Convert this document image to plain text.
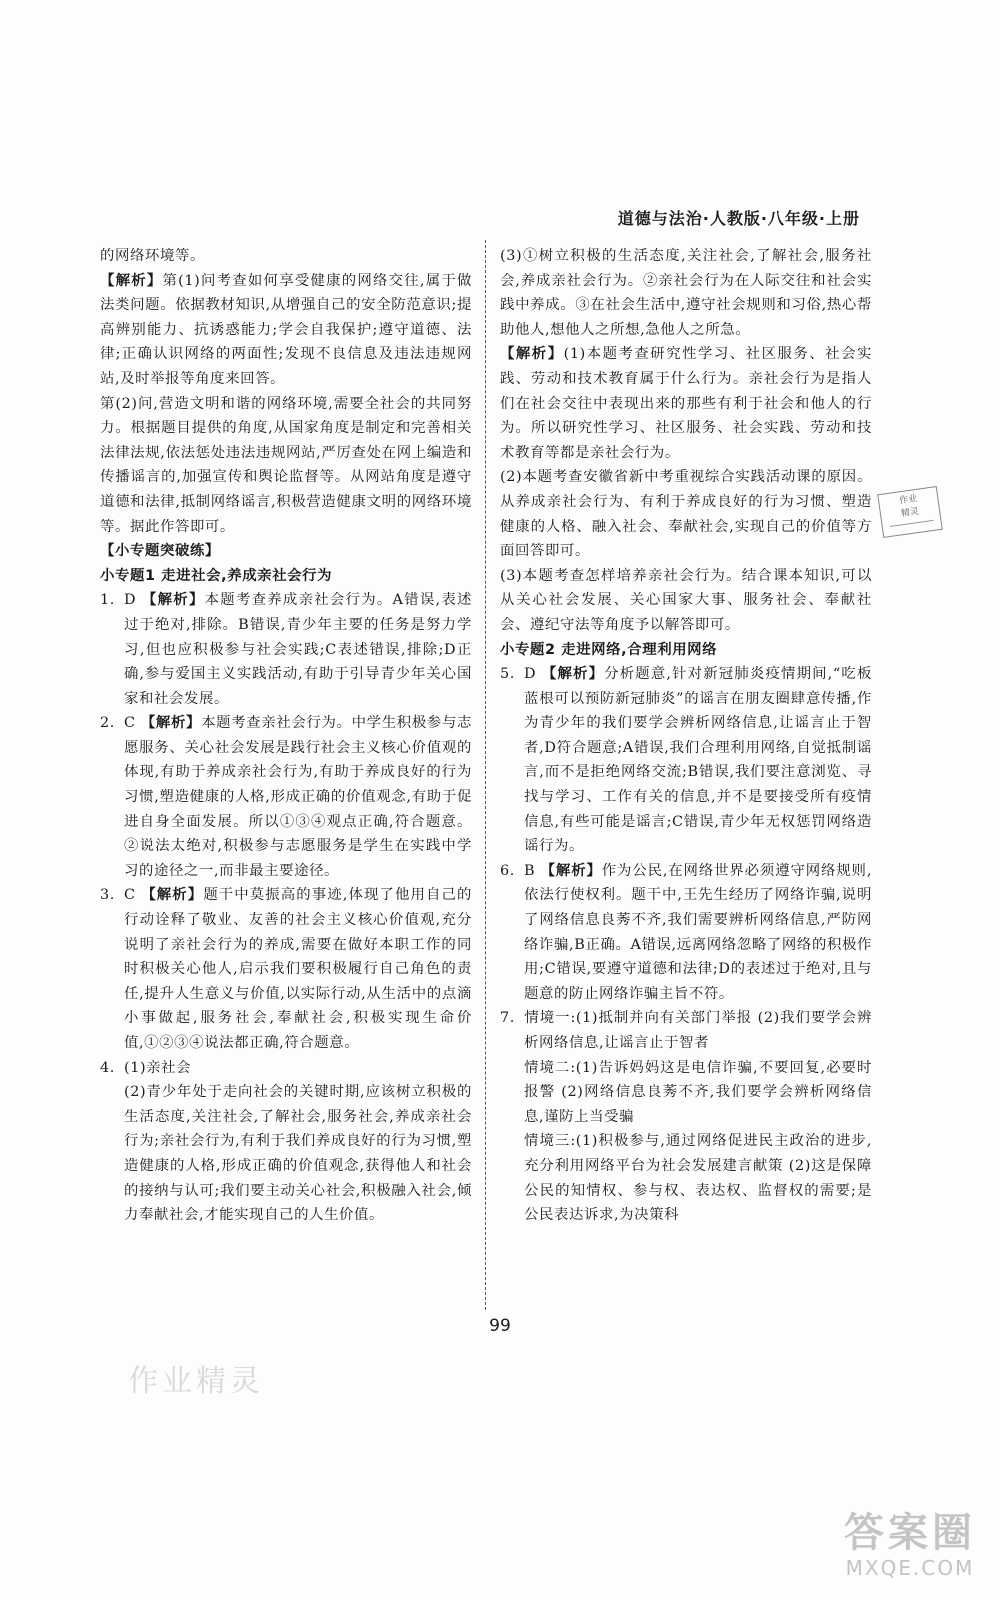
道德与法治·人教版·八年级·上册

的网络环境等。

【解析】第(1)问考查如何享受健康的网络交往,属于做法类问题。依据教材知识,从增强自己的安全防范意识;提高辨别能力、抗诱惑能力;学会自我保护;遵守道德、法律;正确认识网络的两面性;发现不良信息及违法违规网站,及时举报等角度来回答。

第(2)问,营造文明和谐的网络环境,需要全社会的共同努力。根据题目提供的角度,从国家角度是制定和完善相关法律法规,依法惩处违法违规网站,严厉查处在网上编造和传播谣言的,加强宣传和舆论监督等。从网站角度是遵守道德和法律,抵制网络谣言,积极营造健康文明的网络环境等。据此作答即可。

【小专题突破练】

小专题1 走进社会,养成亲社会行为

1. D 【解析】本题考查养成亲社会行为。A错误,表述过于绝对,排除。B错误,青少年主要的任务是努力学习,但也应积极参与社会实践;C表述错误,排除;D正确,参与爱国主义实践活动,有助于引导青少年关心国家和社会发展。

2. C 【解析】本题考查亲社会行为。中学生积极参与志愿服务、关心社会发展是践行社会主义核心价值观的体现,有助于养成亲社会行为,有助于养成良好的行为习惯,塑造健康的人格,形成正确的价值观念,有助于促进自身全面发展。所以①③④观点正确,符合题意。②说法太绝对,积极参与志愿服务是学生在实践中学习的途径之一,而非最主要途径。

3. C 【解析】题干中莫振高的事迹,体现了他用自己的行动诠释了敬业、友善的社会主义核心价值观,充分说明了亲社会行为的养成,需要在做好本职工作的同时积极关心他人,启示我们要积极履行自己角色的责任,提升人生意义与价值,以实际行动,从生活中的点滴小事做起,服务社会,奉献社会,积极实现生命价值,①②③④说法都正确,符合题意。

4. (1)亲社会

(2)青少年处于走向社会的关键时期,应该树立积极的生活态度,关注社会,了解社会,服务社会,养成亲社会行为;亲社会行为,有利于我们养成良好的行为习惯,塑造健康的人格,形成正确的价值观念,获得他人和社会的接纳与认可;我们要主动关心社会,积极融入社会,倾力奉献社会,才能实现自己的人生价值。

(3)①树立积极的生活态度,关注社会,了解社会,服务社会,养成亲社会行为。②亲社会行为在人际交往和社会实践中养成。③在社会生活中,遵守社会规则和习俗,热心帮助他人,想他人之所想,急他人之所急。

【解析】(1)本题考查研究性学习、社区服务、社会实践、劳动和技术教育属于什么行为。亲社会行为是指人们在社会交往中表现出来的那些有利于社会和他人的行为。所以研究性学习、社区服务、社会实践、劳动和技术教育等都是亲社会行为。

(2)本题考查安徽省新中考重视综合实践活动课的原因。从养成亲社会行为、有利于养成良好的行为习惯、塑造健康的人格、融入社会、奉献社会,实现自己的价值等方面回答即可。

(3)本题考查怎样培养亲社会行为。结合课本知识,可以从关心社会发展、关心国家大事、服务社会、奉献社会、遵纪守法等角度予以解答即可。

小专题2 走进网络,合理利用网络

5. D 【解析】分析题意,针对新冠肺炎疫情期间,“吃板蓝根可以预防新冠肺炎”的谣言在朋友圈肆意传播,作为青少年的我们要学会辨析网络信息,让谣言止于智者,D符合题意;A错误,我们合理利用网络,自觉抵制谣言,而不是拒绝网络交流;B错误,我们要注意浏览、寻找与学习、工作有关的信息,并不是要接受所有疫情信息,有些可能是谣言;C错误,青少年无权惩罚网络造谣行为。

6. B 【解析】作为公民,在网络世界必须遵守网络规则,依法行使权利。题干中,王先生经历了网络诈骗,说明了网络信息良莠不齐,我们需要辨析网络信息,严防网络诈骗,B正确。A错误,远离网络忽略了网络的积极作用;C错误,要遵守道德和法律;D的表述过于绝对,且与题意的防止网络诈骗主旨不符。

7. 情境一:(1)抵制并向有关部门举报 (2)我们要学会辨析网络信息,让谣言止于智者

情境二:(1)告诉妈妈这是电信诈骗,不要回复,必要时报警 (2)网络信息良莠不齐,我们要学会辨析网络信息,谨防上当受骗

情境三:(1)积极参与,通过网络促进民主政治的进步,充分利用网络平台为社会发展建言献策 (2)这是保障公民的知情权、参与权、表达权、监督权的需要;是公民表达诉求,为决策科

作业
精灵
99
作业精灵
答案圈
MXQE.COM
